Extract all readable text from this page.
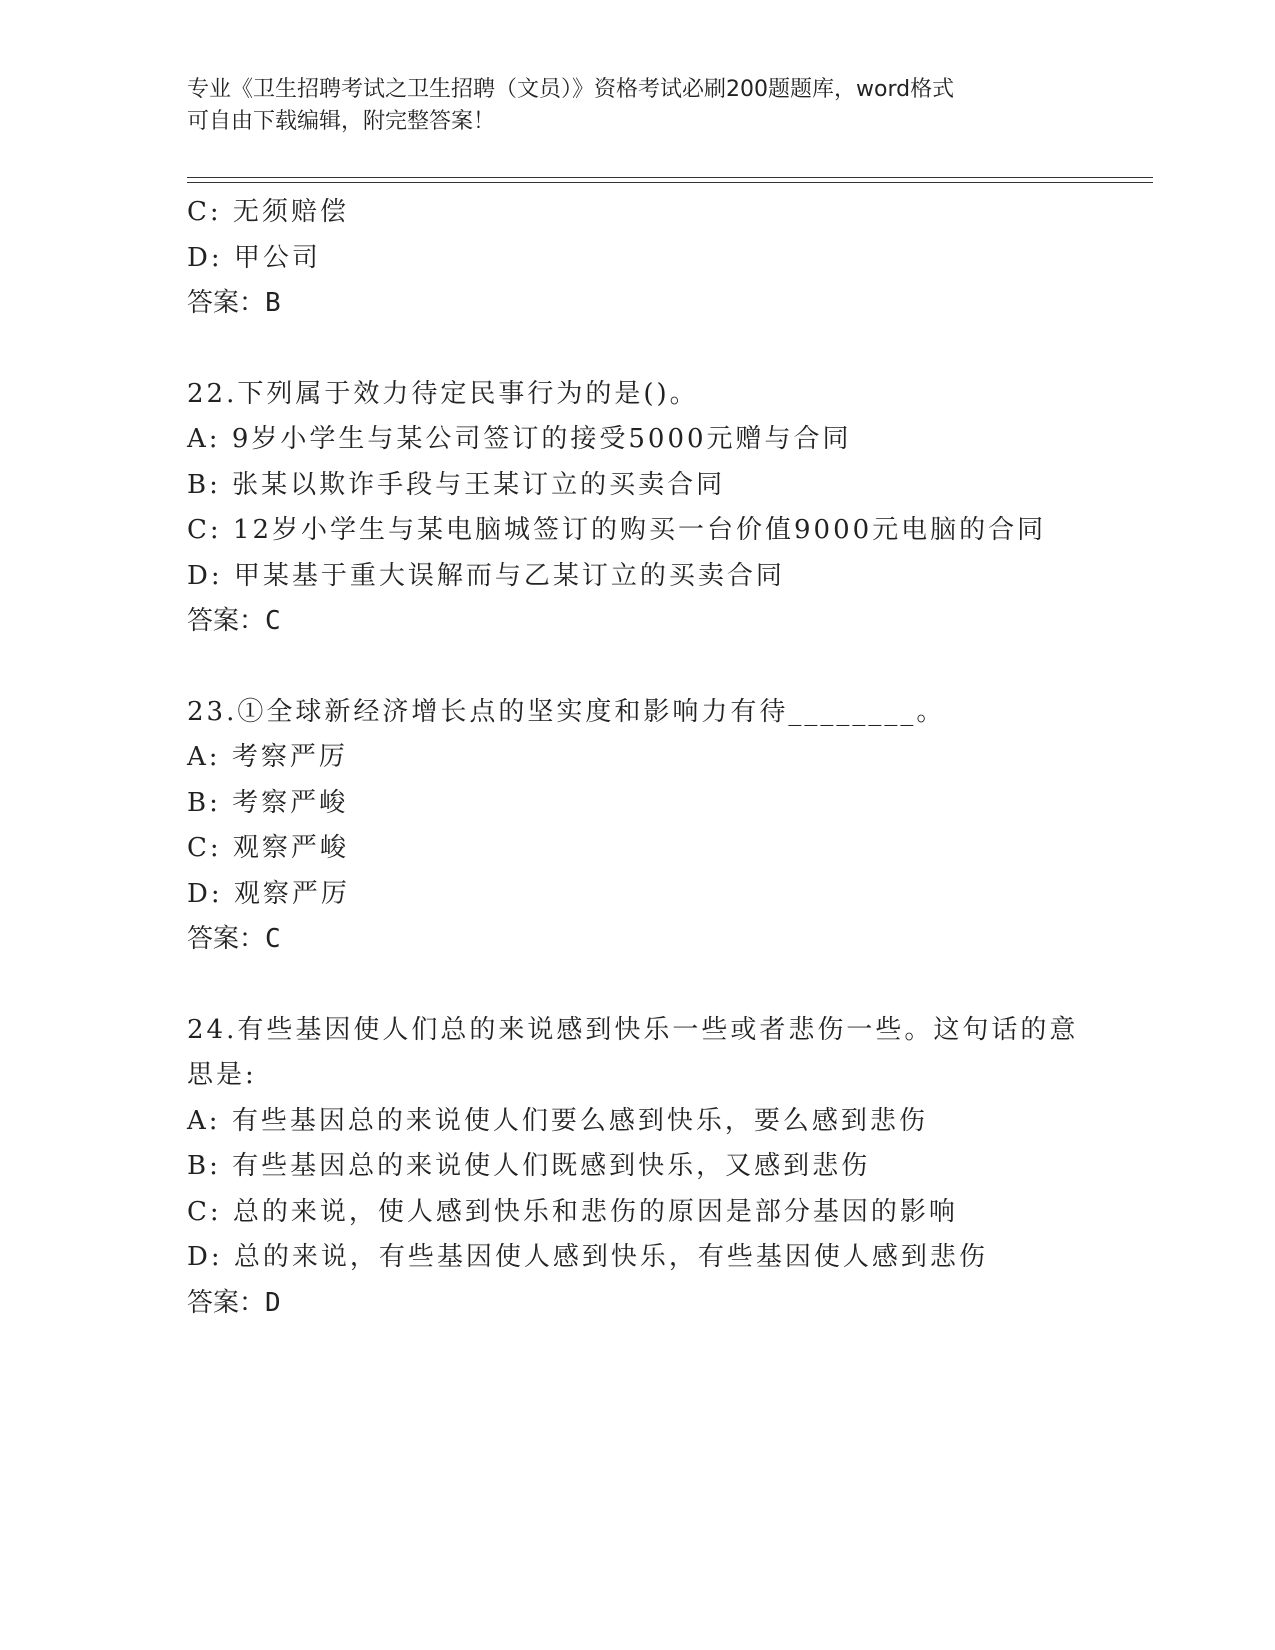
专业《卫生招聘考试之卫生招聘（文员）》资格考试必刷200题题库，word格式
可自由下载编辑，附完整答案！
C: 无须赔偿
D: 甲公司
答案：B
22.下列属于效力待定民事行为的是()。
A: 9岁小学生与某公司签订的接受5000元赠与合同
B: 张某以欺诈手段与王某订立的买卖合同
C: 12岁小学生与某电脑城签订的购买一台价值9000元电脑的合同
D: 甲某基于重大误解而与乙某订立的买卖合同
答案：C
23.①全球新经济增长点的坚实度和影响力有待________。
A: 考察严厉
B: 考察严峻
C: 观察严峻
D: 观察严厉
答案：C
24.有些基因使人们总的来说感到快乐一些或者悲伤一些。这句话的意
思是:
A: 有些基因总的来说使人们要么感到快乐，要么感到悲伤
B: 有些基因总的来说使人们既感到快乐，又感到悲伤
C: 总的来说，使人感到快乐和悲伤的原因是部分基因的影响
D: 总的来说，有些基因使人感到快乐，有些基因使人感到悲伤
答案：D
